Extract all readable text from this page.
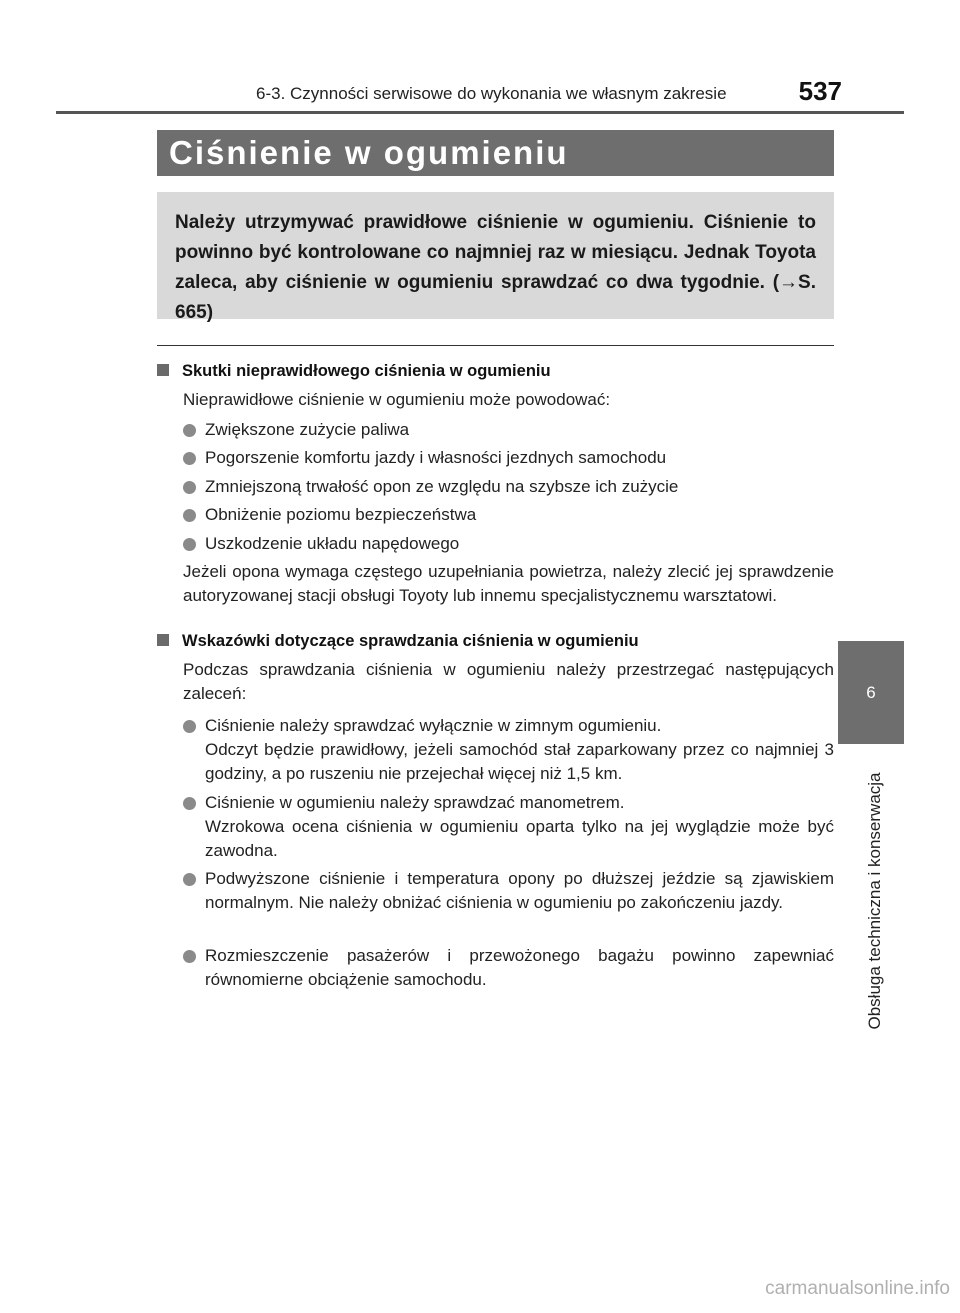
6-3. Czynności serwisowe do wykonania we własnym zakresie	537
Ciśnienie w ogumieniu
Należy utrzymywać prawidłowe ciśnienie w ogumieniu. Ciśnienie to powinno być kontrolowane co najmniej raz w miesiącu. Jednak Toyota zaleca, aby ciśnienie w ogumieniu sprawdzać co dwa tygodnie. (→S. 665)
Skutki nieprawidłowego ciśnienia w ogumieniu
Nieprawidłowe ciśnienie w ogumieniu może powodować:
Zwiększone zużycie paliwa
Pogorszenie komfortu jazdy i własności jezdnych samochodu
Zmniejszoną trwałość opon ze względu na szybsze ich zużycie
Obniżenie poziomu bezpieczeństwa
Uszkodzenie układu napędowego
Jeżeli opona wymaga częstego uzupełniania powietrza, należy zlecić jej sprawdzenie autoryzowanej stacji obsługi Toyoty lub innemu specjalistycznemu warsztatowi.
Wskazówki dotyczące sprawdzania ciśnienia w ogumieniu
Podczas sprawdzania ciśnienia w ogumieniu należy przestrzegać następujących zaleceń:
Ciśnienie należy sprawdzać wyłącznie w zimnym ogumieniu.
Odczyt będzie prawidłowy, jeżeli samochód stał zaparkowany przez co najmniej 3 godziny, a po ruszeniu nie przejechał więcej niż 1,5 km.
Ciśnienie w ogumieniu należy sprawdzać manometrem.
Wzrokowa ocena ciśnienia w ogumieniu oparta tylko na jej wyglądzie może być zawodna.
Podwyższone ciśnienie i temperatura opony po dłuższej jeździe są zjawiskiem normalnym. Nie należy obniżać ciśnienia w ogumieniu po zakończeniu jazdy.
Rozmieszczenie pasażerów i przewożonego bagażu powinno zapewniać równomierne obciążenie samochodu.
6
Obsługa techniczna i konserwacja
carmanualsonline.info
